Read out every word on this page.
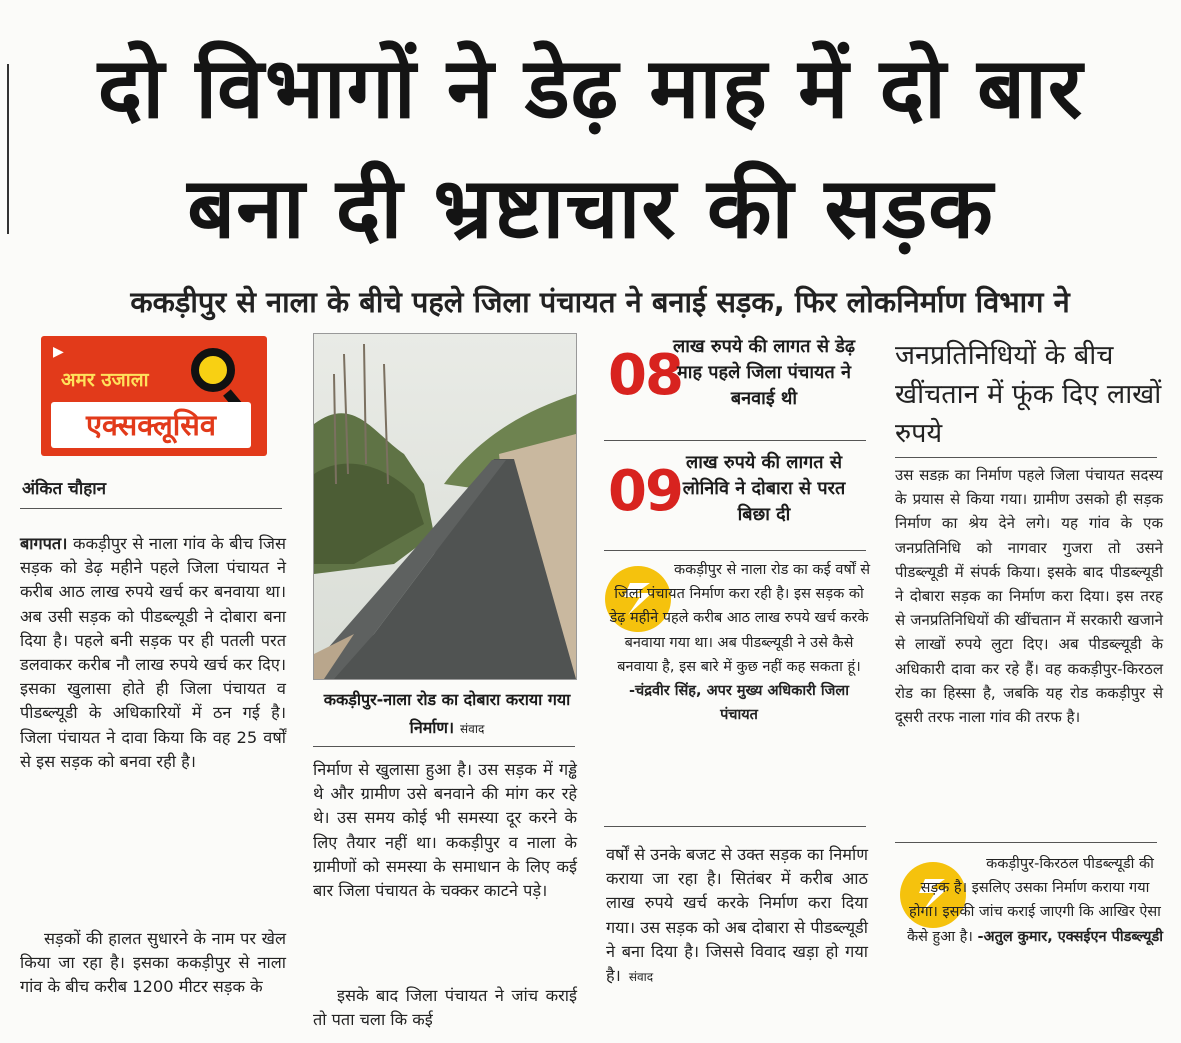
दो विभागों ने डेढ़ माह में दो बार
बना दी भ्रष्टाचार की सड़क
ककड़ीपुर से नाला के बीचे पहले जिला पंचायत ने बनाई सड़क, फिर लोकनिर्माण विभाग ने
▶
अमर उजाला
एक्सक्लूसिव
अंकित चौहान
बागपत। ककड़ीपुर से नाला गांव के बीच जिस सड़क को डेढ़ महीने पहले जिला पंचायत ने करीब आठ लाख रुपये खर्च कर बनवाया था। अब उसी सड़क को पीडब्ल्यूडी ने दोबारा बना दिया है। पहले बनी सड़क पर ही पतली परत डलवाकर करीब नौ लाख रुपये खर्च कर दिए। इसका खुलासा होते ही जिला पंचायत व पीडब्ल्यूडी के अधिकारियों में ठन गई है। जिला पंचायत ने दावा किया कि वह 25 वर्षों से इस सड़क को बनवा रही है।
सड़कों की हालत सुधारने के नाम पर खेल किया जा रहा है। इसका ककड़ीपुर से नाला गांव के बीच करीब 1200 मीटर सड़क के
ककड़ीपुर-नाला रोड का दोबारा कराया गया निर्माण। संवाद
निर्माण से खुलासा हुआ है। उस सड़क में गड्ढे थे और ग्रामीण उसे बनवाने की मांग कर रहे थे। उस समय कोई भी समस्या दूर करने के लिए तैयार नहीं था। ककड़ीपुर व नाला के ग्रामीणों को समस्या के समाधान के लिए कई बार जिला पंचायत के चक्कर काटने पड़े।
इसके बाद जिला पंचायत ने जांच कराई तो पता चला कि कई
08
लाख रुपये की लागत से डेढ़ माह पहले जिला पंचायत ने बनवाई थी
09 लाख रुपये की लागत से लोनिवि ने दोबारा से परत बिछा दी
ककड़ीपुर से नाला रोड का कई वर्षों से जिला पंचायत निर्माण करा रही है। इस सड़क को डेढ़ महीने पहले करीब आठ लाख रुपये खर्च करके बनवाया गया था। अब पीडब्ल्यूडी ने उसे कैसे बनवाया है, इस बारे में कुछ नहीं कह सकता हूं। -चंद्रवीर सिंह, अपर मुख्य अधिकारी जिला पंचायत
वर्षों से उनके बजट से उक्त सड़क का निर्माण कराया जा रहा है। सितंबर में करीब आठ लाख रुपये खर्च करके निर्माण करा दिया गया। उस सड़क को अब दोबारा से पीडब्ल्यूडी ने बना दिया है। जिससे विवाद खड़ा हो गया है। संवाद
जनप्रतिनिधियों के बीच खींचतान में फूंक दिए लाखों रुपये
उस सडक़ का निर्माण पहले जिला पंचायत सदस्य के प्रयास से किया गया। ग्रामीण उसको ही सड़क निर्माण का श्रेय देने लगे। यह गांव के एक जनप्रतिनिधि को नागवार गुजरा तो उसने पीडब्ल्यूडी में संपर्क किया। इसके बाद पीडब्ल्यूडी ने दोबारा सड़क का निर्माण करा दिया। इस तरह से जनप्रतिनिधियों की खींचतान में सरकारी खजाने से लाखों रुपये लुटा दिए। अब पीडब्ल्यूडी के अधिकारी दावा कर रहे हैं। वह ककड़ीपुर-किरठल रोड का हिस्सा है, जबकि यह रोड ककड़ीपुर से दूसरी तरफ नाला गांव की तरफ है।
ककड़ीपुर-किरठल पीडब्ल्यूडी की सड़क है। इसलिए उसका निर्माण कराया गया होगा। इसकी जांच कराई जाएगी कि आखिर ऐसा कैसे हुआ है। -अतुल कुमार, एक्सईएन पीडब्ल्यूडी
